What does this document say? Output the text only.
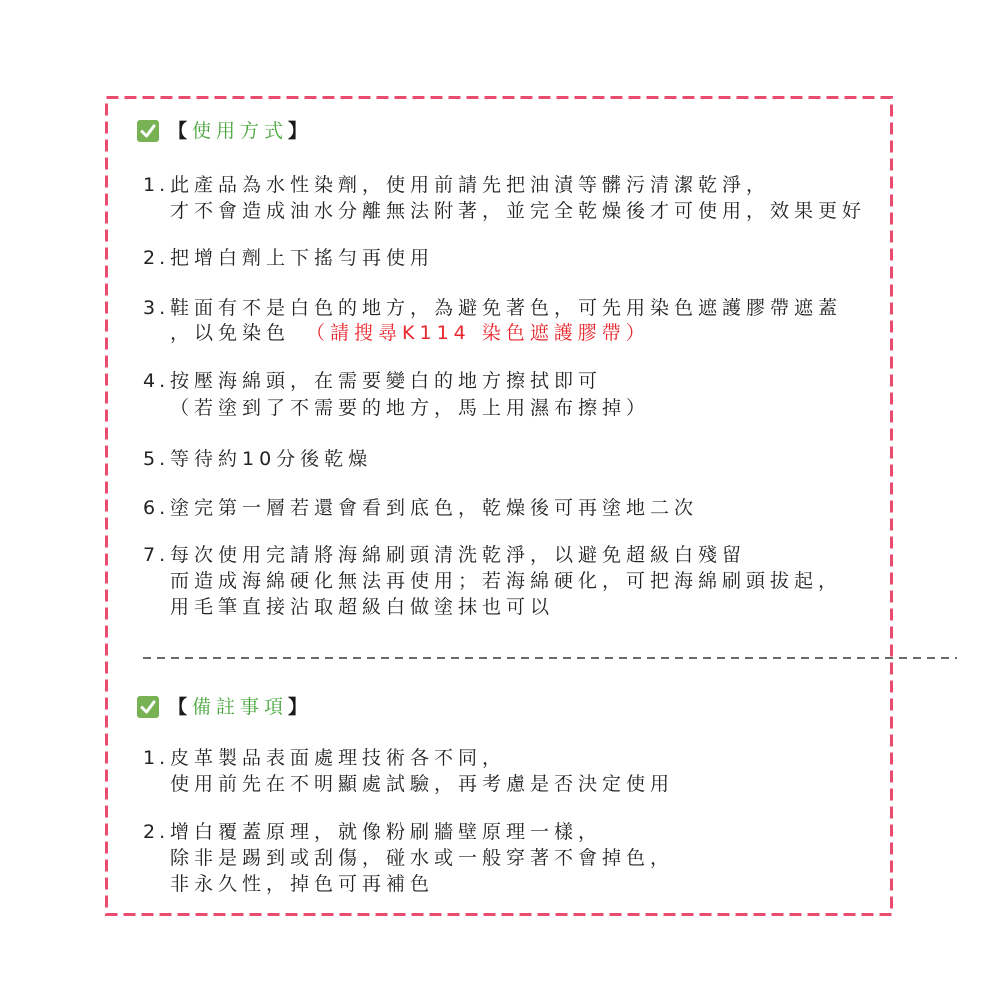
【使用方式】
1. 此產品為水性染劑，使用前請先把油漬等髒污清潔乾淨，
才不會造成油水分離無法附著，並完全乾燥後才可使用，效果更好
2. 把增白劑上下搖勻再使用
3. 鞋面有不是白色的地方，為避免著色，可先用染色遮護膠帶遮蓋
，以免染色 （請搜尋K114 染色遮護膠帶）
4. 按壓海綿頭，在需要變白的地方擦拭即可
（若塗到了不需要的地方，馬上用濕布擦掉）
5. 等待約10分後乾燥
6. 塗完第一層若還會看到底色，乾燥後可再塗地二次
7. 每次使用完請將海綿刷頭清洗乾淨，以避免超級白殘留
而造成海綿硬化無法再使用；若海綿硬化，可把海綿刷頭拔起，
用毛筆直接沾取超級白做塗抹也可以
【備註事項】
1. 皮革製品表面處理技術各不同，
使用前先在不明顯處試驗，再考慮是否決定使用
2. 增白覆蓋原理，就像粉刷牆壁原理一樣，
除非是踢到或刮傷，碰水或一般穿著不會掉色，
非永久性，掉色可再補色
